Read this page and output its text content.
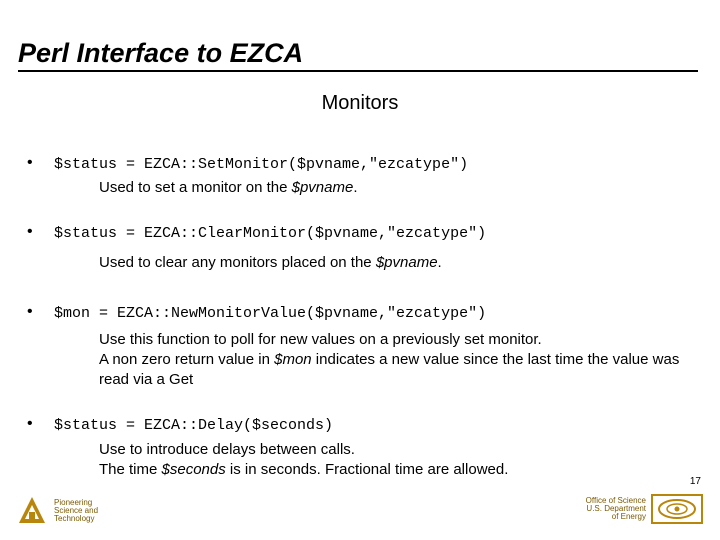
Perl Interface to EZCA
Monitors
• $status = EZCA::SetMonitor($pvname,"ezcatype")
Used to set a monitor on the $pvname.
• $status = EZCA::ClearMonitor($pvname,"ezcatype")
Used to clear any monitors placed on the $pvname.
• $mon = EZCA::NewMonitorValue($pvname,"ezcatype")
Use this function to poll for new values on a previously set monitor.
A non zero return value in $mon indicates a new value since the last time the value was read via a Get
• $status = EZCA::Delay($seconds)
Use to introduce delays between calls.
The time $seconds is in seconds. Fractional time are allowed.
17
Pioneering
Science and
Technology
Office of Science
U.S. Department
of Energy
